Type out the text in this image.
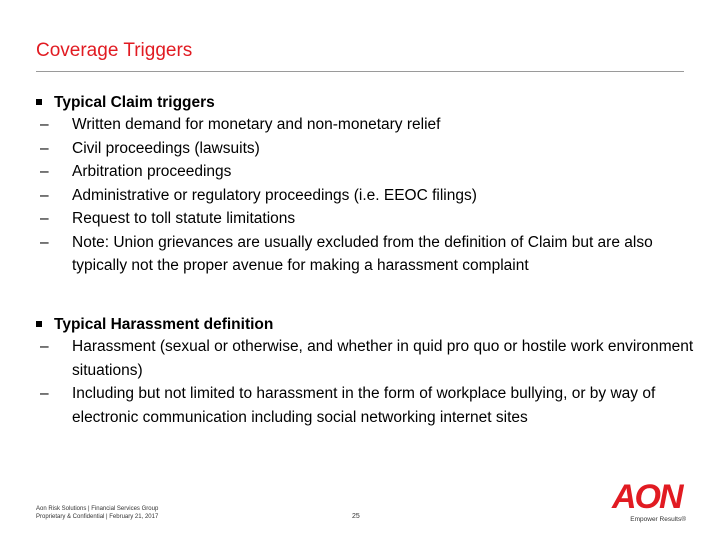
Coverage Triggers
Typical Claim triggers
– Written demand for monetary and non-monetary relief
– Civil proceedings (lawsuits)
– Arbitration proceedings
– Administrative or regulatory proceedings (i.e. EEOC filings)
– Request to toll statute limitations
– Note: Union grievances are usually excluded from the definition of Claim but are also typically not the proper avenue for making a harassment complaint
Typical Harassment definition
– Harassment (sexual or otherwise, and whether in quid pro quo or hostile work environment situations)
– Including but not limited to harassment in the form of workplace bullying, or by way of electronic communication including social networking internet sites
Aon Risk Solutions | Financial Services Group
Proprietary & Confidential | February 21, 2017	25
AON
Empower Results®
